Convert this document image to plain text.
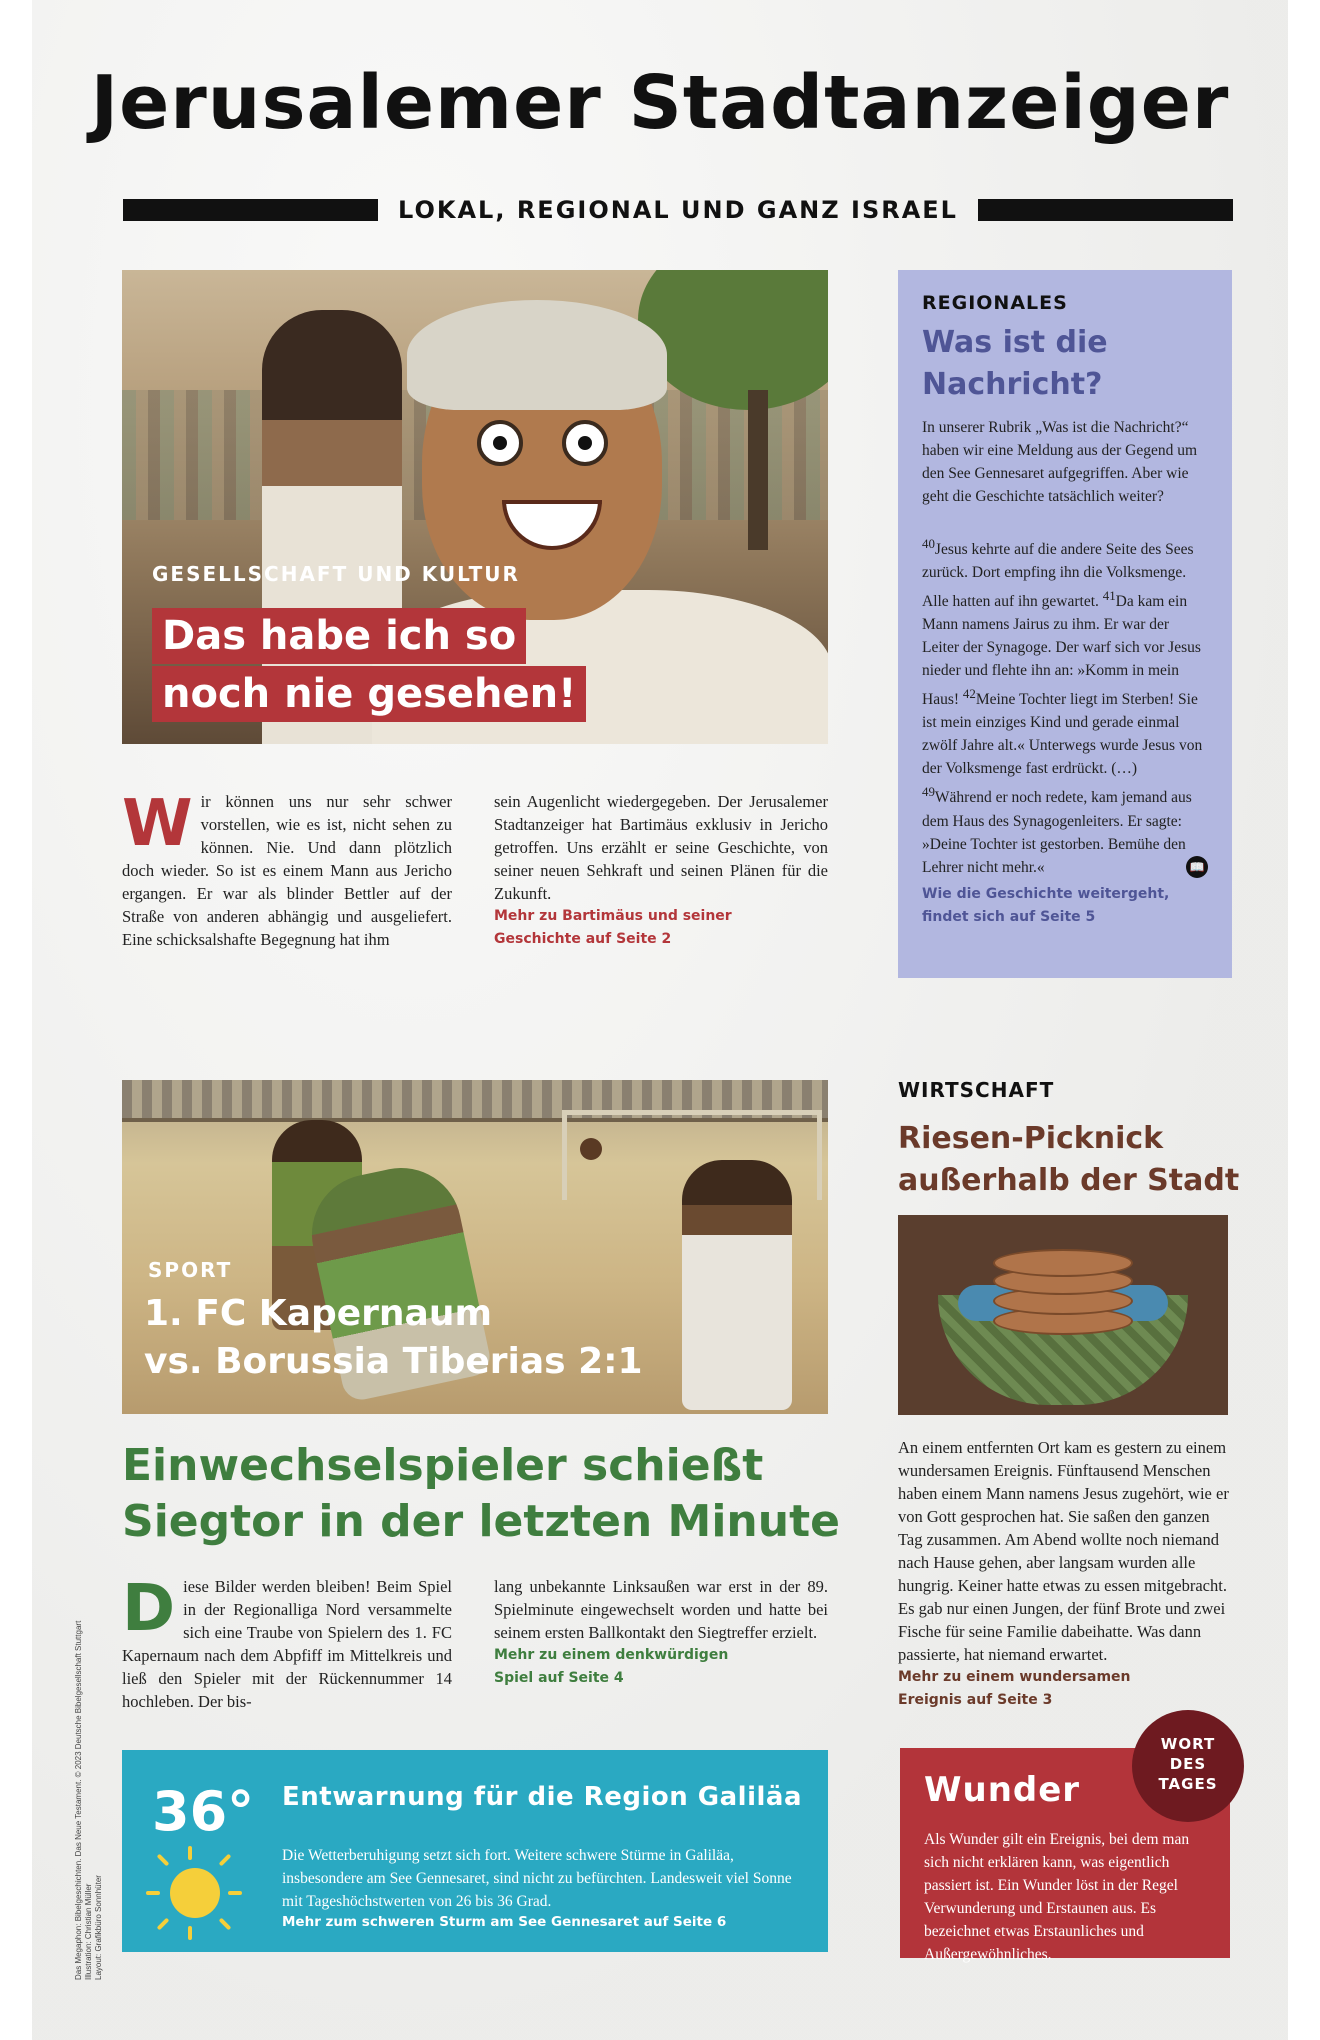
Jerusalemer Stadtanzeiger
LOKAL, REGIONAL UND GANZ ISRAEL
GESELLSCHAFT UND KULTUR
Das habe ich so
noch nie gesehen!
W ir können uns nur sehr schwer vorstellen, wie es ist, nicht sehen zu können. Nie. Und dann plötzlich doch wieder. So ist es einem Mann aus Jericho ergangen. Er war als blinder Bettler auf der Straße von anderen abhängig und ausgeliefert. Eine schicksalshafte Begegnung hat ihm
sein Augenlicht wiedergegeben. Der Jerusalemer Stadtanzeiger hat Bartimäus exklusiv in Jericho getroffen. Uns erzählt er seine Geschichte, von seiner neuen Sehkraft und seinen Plänen für die Zukunft.
Mehr zu Bartimäus und seiner
Geschichte auf Seite 2
REGIONALES
Was ist die
Nachricht?

In unserer Rubrik „Was ist die Nachricht?“ haben wir eine Meldung aus der Gegend um den See Gennesaret aufgegriffen. Aber wie geht die Geschichte tatsächlich weiter?

$^{40}$Jesus kehrte auf die andere Seite des Sees zurück. Dort empfing ihn die Volksmenge. Alle hatten auf ihn gewartet. $^{41}$Da kam ein Mann namens Jairus zu ihm. Er war der Leiter der Synagoge. Der warf sich vor Jesus nieder und flehte ihn an: »Komm in mein Haus! $^{42}$Meine Tochter liegt im Sterben! Sie ist mein einziges Kind und gerade einmal zwölf Jahre alt.« Unterwegs wurde Jesus von der Volksmenge fast erdrückt. (…) $^{49}$Während er noch redete, kam jemand aus dem Haus des Synagogenleiters. Er sagte: »Deine Tochter ist gestorben. Bemühe den Lehrer nicht mehr.«	📖

Wie die Geschichte weitergeht,
findet sich auf Seite 5
SPORT
1. FC Kapernaum
vs. Borussia Tiberias 2:1
Einwechselspieler schießt
Siegtor in der letzten Minute
D iese Bilder werden bleiben! Beim Spiel in der Regionalliga Nord versammelte sich eine Traube von Spielern des 1. FC Kapernaum nach dem Abpfiff im Mittelkreis und ließ den Spieler mit der Rückennummer 14 hochleben. Der bis-
lang unbekannte Linksaußen war erst in der 89. Spielminute eingewechselt worden und hatte bei seinem ersten Ballkontakt den Siegtreffer erzielt.
Mehr zu einem denkwürdigen
Spiel auf Seite 4
WIRTSCHAFT
Riesen-Picknick
außerhalb der Stadt
An einem entfernten Ort kam es gestern zu einem wundersamen Ereignis. Fünftausend Menschen haben einem Mann namens Jesus zugehört, wie er von Gott gesprochen hat. Sie saßen den ganzen Tag zusammen. Am Abend wollte noch niemand nach Hause gehen, aber langsam wurden alle hungrig. Keiner hatte etwas zu essen mitgebracht. Es gab nur einen Jungen, der fünf Brote und zwei Fische für seine Familie dabeihatte. Was dann passierte, hat niemand erwartet.
Mehr zu einem wundersamen
Ereignis auf Seite 3
36° Entwarnung für die Region Galiläa
Die Wetterberuhigung setzt sich fort. Weitere schwere Stürme in Galiläa, insbesondere am See Gennesaret, sind nicht zu befürchten. Landesweit viel Sonne mit Tageshöchstwerten von 26 bis 36 Grad.
Mehr zum schweren Sturm am See Gennesaret auf Seite 6
Wunder
Als Wunder gilt ein Ereignis, bei dem man sich nicht erklären kann, was eigentlich passiert ist. Ein Wunder löst in der Regel Verwunderung und Erstaunen aus. Es bezeichnet etwas Erstaunliches und Außergewöhnliches.
WORT
DES
TAGES
Das Megaphon: Bibelgeschichten. Das Neue Testament. © 2023 Deutsche Bibelgesellschaft Stuttgart Illustration: Christian Müller Layout: Grafikbüro Sonnhüter
